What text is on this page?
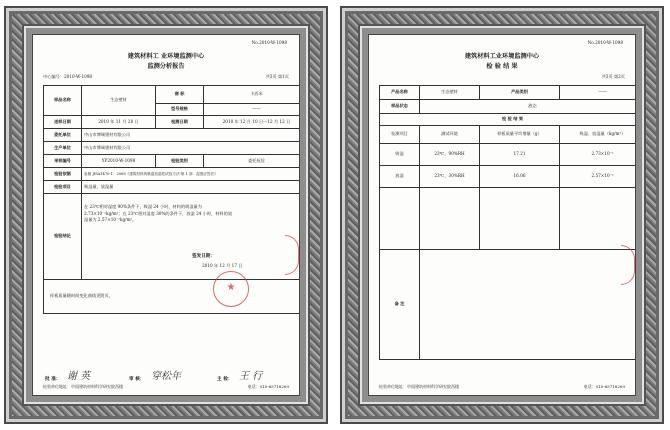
No.2010-W-1098
建筑材料工 业环境监测中心
监测分析报告
中心编号：2010-W-1098	共3页 第1页
样品名称	生态壁材	商 标	卡西米
		型号规格	——
送样日期	2010 年 11 月 20 日	检测日期	2010 年 12 月 10 日～12 月 12 日
委托单位	中山市博瑞建材有限公司		
生产单位	中山市博瑞建材有限公司		
来样编号	YP2010-W-1098	检验类别	委托检验
检验依据	参照 JISA1470-1：2008《建筑材料的吸湿放湿性试验方法-第 1 部：湿度应答法》		
检验项目	吸湿量，放湿量		
检验结论	在 23℃相对湿度 90%条件下，吸湿 24 小时，材料的吸湿量为 2.73×10⁻²kg/m²；在 23℃相对湿度 30%的条件下，放湿 24 小时，材料的放湿量为 2.57×10⁻²kg/m²。
签发日期：
2010 年 12 月 17 日		

样板质量随时间变化曲线见附页。			
★
批 准： 谢 英	审 核： 穿松年	主 检： 王 行
检验单位地址：中国建筑材料科学研究院西楼	电话：010-65718269
No.2010-W-1098
建筑材料工业环境监测中心
检 验 结 果
共3页 第2页
产品名称	生态壁材	产品类别	——
样品状态	液态		
检 验 结 果			
检测项目	测试环境	样板质量平均增量（g）	吸湿、放湿量（kg/m²）
吸湿	23℃，90%RH	17.21	2.73×10⁻²
放湿	23℃，30%RH	16.06	2.57×10⁻²

备 注			
检验单位地址：中国建筑材料科学研究院西楼	电话：010-65718269
